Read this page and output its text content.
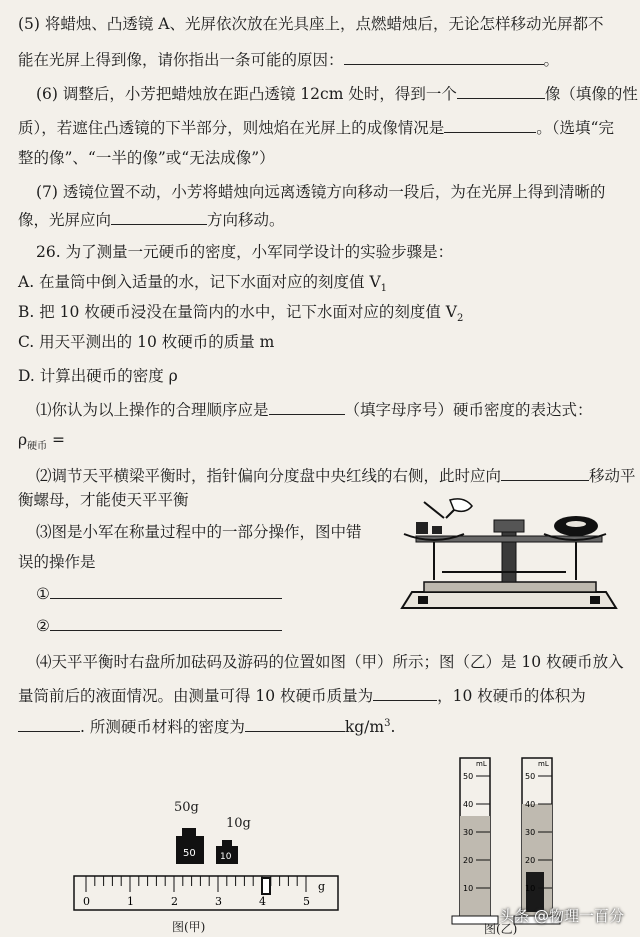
(5) 将蜡烛、凸透镜 A、光屏依次放在光具座上，点燃蜡烛后，无论怎样移动光屏都不
能在光屏上得到像，请你指出一条可能的原因：	。
(6) 调整后，小芳把蜡烛放在距凸透镜 12cm 处时，得到一个	像（填像的性
质），若遮住凸透镜的下半部分，则烛焰在光屏上的成像情况是	。（选填“完
整的像”、“一半的像”或“无法成像”）
(7) 透镜位置不动，小芳将蜡烛向远离透镜方向移动一段后，为在光屏上得到清晰的
像，光屏应向	方向移动。
26. 为了测量一元硬币的密度，小军同学设计的实验步骤是：
A. 在量筒中倒入适量的水，记下水面对应的刻度值 $V_1$
B. 把 10 枚硬币浸没在量筒内的水中，记下水面对应的刻度值 $V_2$
C. 用天平测出的 10 枚硬币的质量 m
D. 计算出硬币的密度 ρ
⑴你认为以上操作的合理顺序应是	（填字母序号）硬币密度的表达式：
$\rho_{硬币}$ =
⑵调节天平横梁平衡时，指针偏向分度盘中央红线的右侧，此时应向	移动平
衡螺母，才能使天平平衡
⑶图是小军在称量过程中的一部分操作，图中错
误的操作是
①
②
⑷天平平衡时右盘所加砝码及游码的位置如图（甲）所示；图（乙）是 10 枚硬币放入
量筒前后的液面情况。由测量可得 10 枚硬币质量为	，10 枚硬币的体积为
. 所测硬币材料的密度为	$kg/m^3$.
50g
10g
50	10
0	1	2	3	4	5
g
图(甲)
50
40
30
20
10
50
40
30
20
10
mL	mL
图(乙)
头条 @物理一百分
